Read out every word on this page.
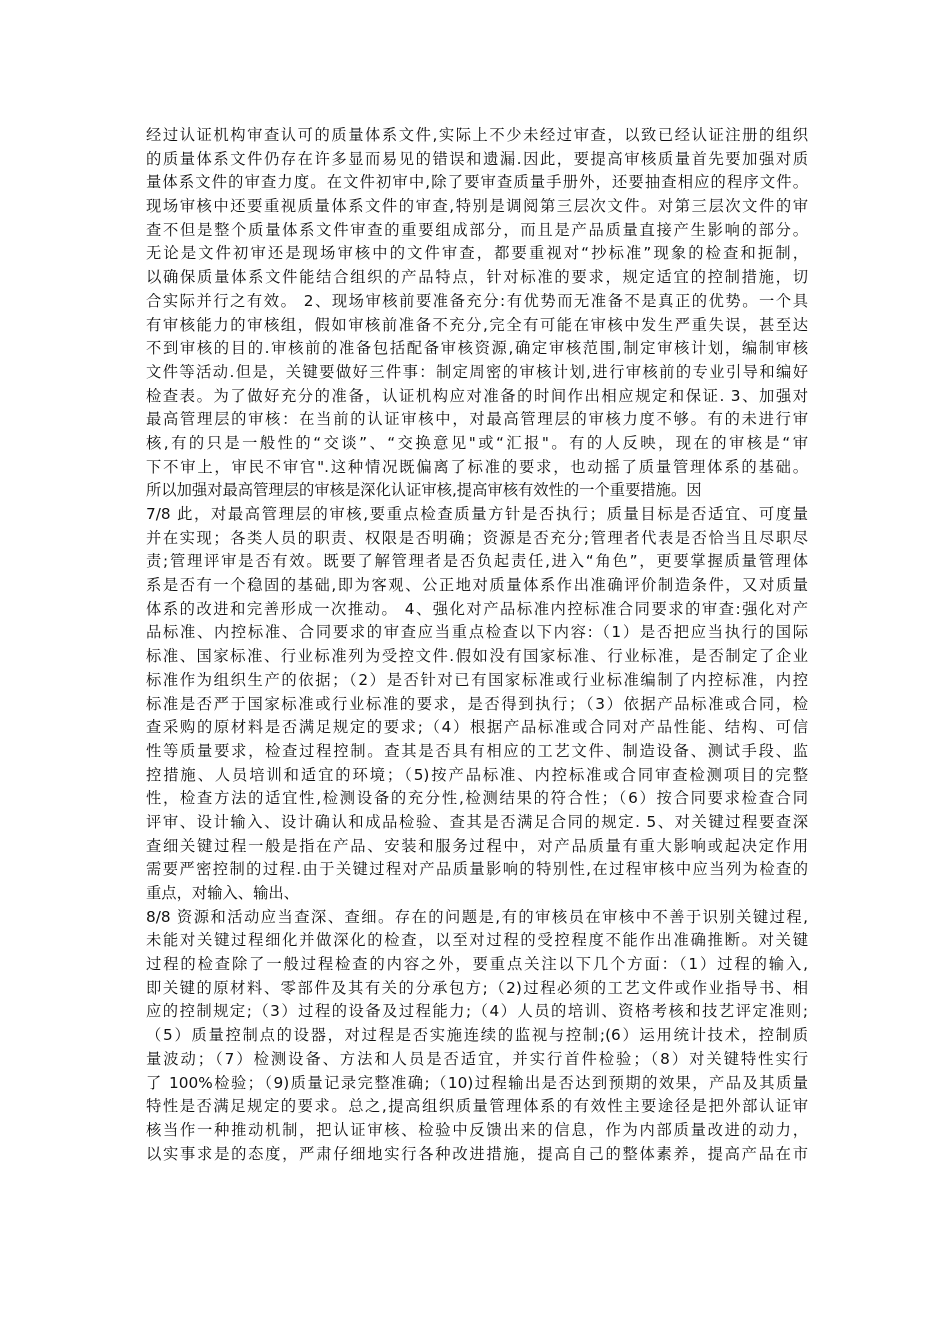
经过认证机构审查认可的质量体系文件,实际上不少未经过审查，以致已经认证注册的组织
的质量体系文件仍存在许多显而易见的错误和遗漏.因此，要提高审核质量首先要加强对质
量体系文件的审查力度。在文件初审中,除了要审查质量手册外，还要抽查相应的程序文件。
现场审核中还要重视质量体系文件的审查,特别是调阅第三层次文件。对第三层次文件的审
查不但是整个质量体系文件审查的重要组成部分，而且是产品质量直接产生影响的部分。
无论是文件初审还是现场审核中的文件审查，都要重视对“抄标准”现象的检查和扼制，
以确保质量体系文件能结合组织的产品特点，针对标准的要求，规定适宜的控制措施，切
合实际并行之有效。 2、现场审核前要准备充分:有优势而无准备不是真正的优势。一个具
有审核能力的审核组，假如审核前准备不充分,完全有可能在审核中发生严重失误，甚至达
不到审核的目的.审核前的准备包括配备审核资源,确定审核范围,制定审核计划，编制审核
文件等活动.但是，关键要做好三件事：制定周密的审核计划,进行审核前的专业引导和编好
检查表。为了做好充分的准备，认证机构应对准备的时间作出相应规定和保证. 3、加强对
最高管理层的审核：在当前的认证审核中，对最高管理层的审核力度不够。有的未进行审
核,有的只是一般性的“交谈”、“交换意见"或“汇报"。有的人反映，现在的审核是“审
下不审上，审民不审官".这种情况既偏离了标准的要求，也动摇了质量管理体系的基础。
所以加强对最高管理层的审核是深化认证审核,提高审核有效性的一个重要措施。因
7/8 此，对最高管理层的审核,要重点检查质量方针是否执行；质量目标是否适宜、可度量
并在实现；各类人员的职责、权限是否明确；资源是否充分;管理者代表是否恰当且尽职尽
责;管理评审是否有效。既要了解管理者是否负起责任,进入“角色”，更要掌握质量管理体
系是否有一个稳固的基础,即为客观、公正地对质量体系作出准确评价制造条件，又对质量
体系的改进和完善形成一次推动。 4、强化对产品标准内控标准合同要求的审查:强化对产
品标准、内控标准、合同要求的审查应当重点检查以下内容:（1）是否把应当执行的国际
标准、国家标准、行业标准列为受控文件.假如没有国家标准、行业标准，是否制定了企业
标准作为组织生产的依据；（2）是否针对已有国家标准或行业标准编制了内控标准，内控
标准是否严于国家标准或行业标准的要求，是否得到执行；（3）依据产品标准或合同，检
查采购的原材料是否满足规定的要求;（4）根据产品标准或合同对产品性能、结构、可信
性等质量要求，检查过程控制。查其是否具有相应的工艺文件、制造设备、测试手段、监
控措施、人员培训和适宜的环境；（5)按产品标准、内控标准或合同审查检测项目的完整
性，检查方法的适宜性,检测设备的充分性,检测结果的符合性；（6）按合同要求检查合同
评审、设计输入、设计确认和成品检验、查其是否满足合同的规定. 5、对关键过程要查深
查细关键过程一般是指在产品、安装和服务过程中，对产品质量有重大影响或起决定作用
需要严密控制的过程.由于关键过程对产品质量影响的特别性,在过程审核中应当列为检查的
重点，对输入、输出、
8/8 资源和活动应当查深、查细。存在的问题是,有的审核员在审核中不善于识别关键过程,
未能对关键过程细化并做深化的检查，以至对过程的受控程度不能作出准确推断。对关键
过程的检查除了一般过程检查的内容之外，要重点关注以下几个方面：（1）过程的输入,
即关键的原材料、零部件及其有关的分承包方;（2)过程必须的工艺文件或作业指导书、相
应的控制规定;（3）过程的设备及过程能力;（4）人员的培训、资格考核和技艺评定准则;
（5）质量控制点的设器，对过程是否实施连续的监视与控制;(6）运用统计技术，控制质
量波动；（7）检测设备、方法和人员是否适宜，并实行首件检验；（8）对关键特性实行
了 100%检验；（9)质量记录完整准确;（10)过程输出是否达到预期的效果，产品及其质量
特性是否满足规定的要求。总之,提高组织质量管理体系的有效性主要途径是把外部认证审
核当作一种推动机制，把认证审核、检验中反馈出来的信息，作为内部质量改进的动力，
以实事求是的态度，严肃仔细地实行各种改进措施，提高自己的整体素养，提高产品在市
